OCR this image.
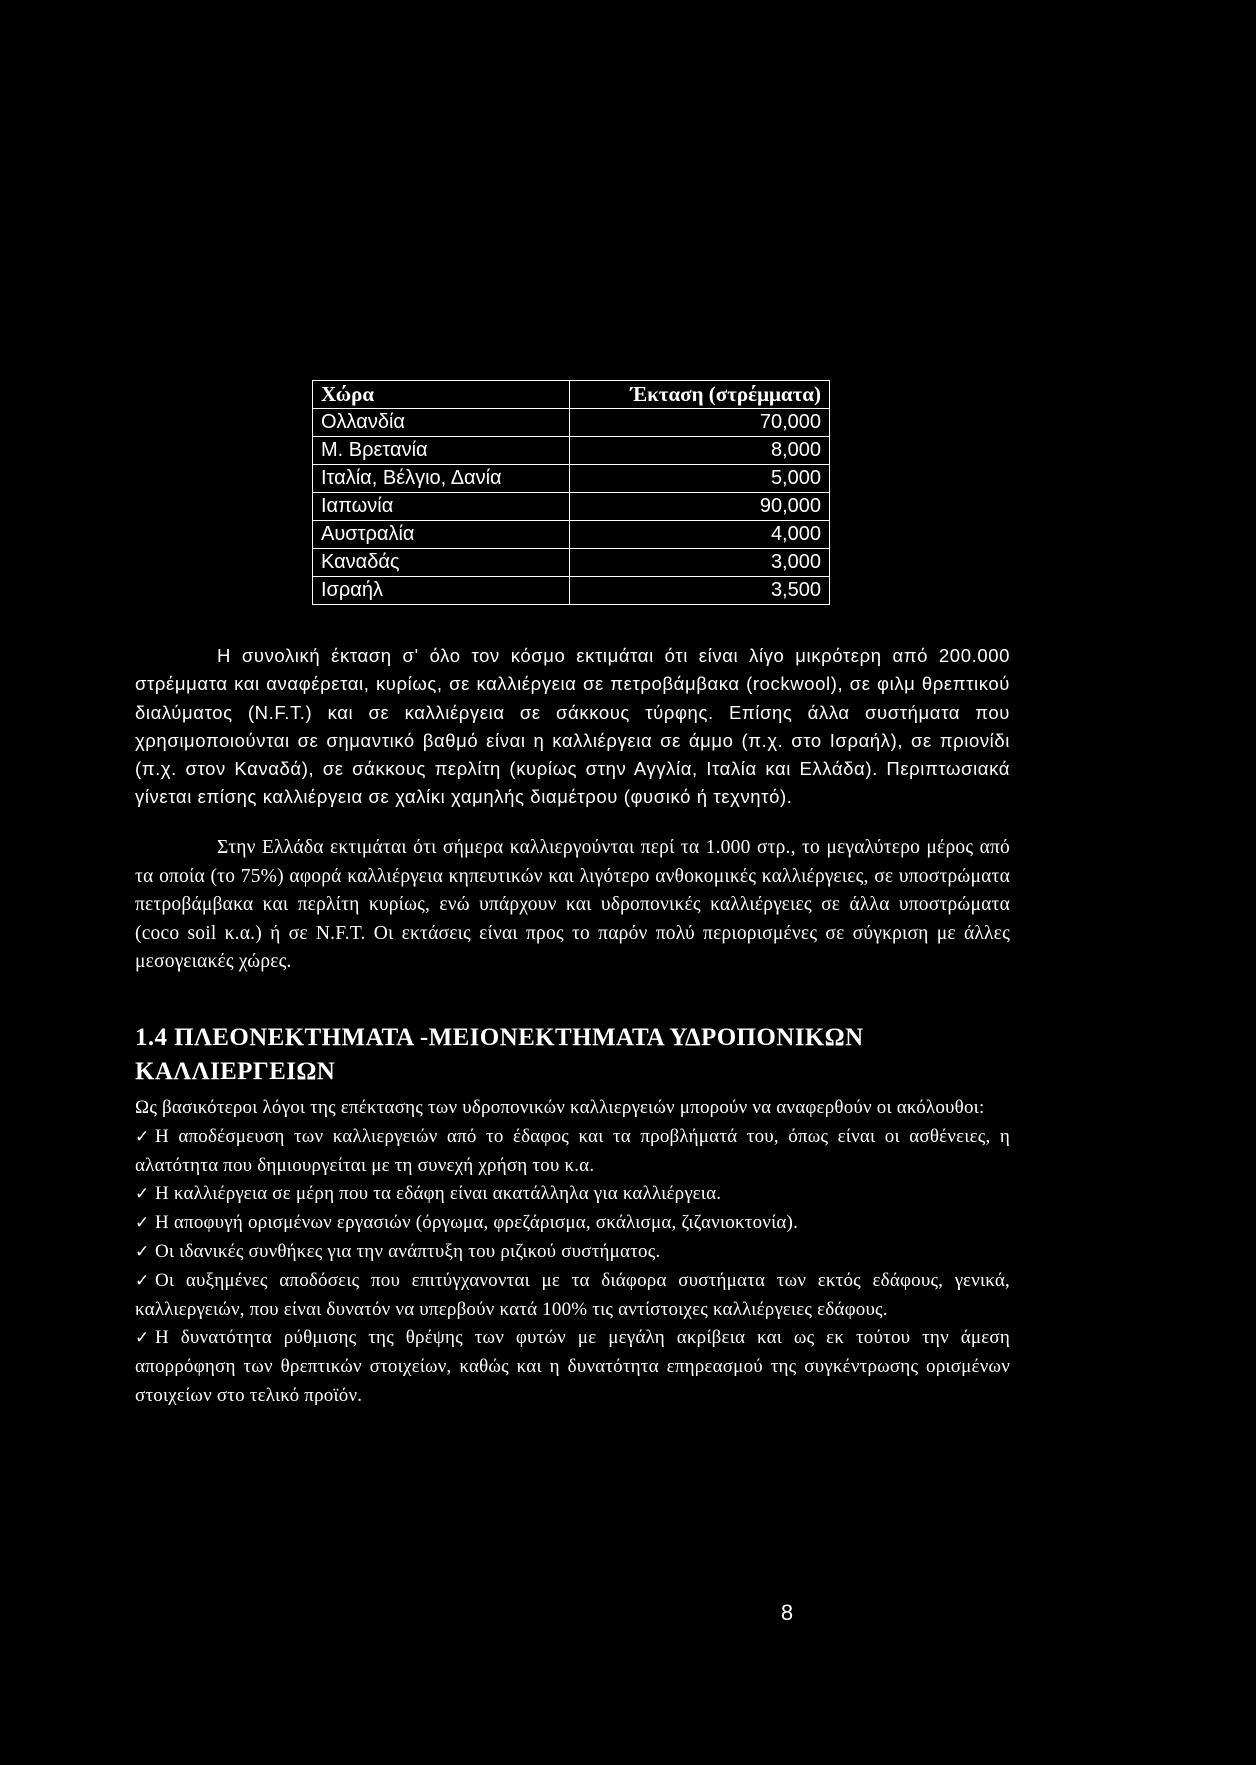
Χώρα	Έκταση (στρέμματα)
Ολλανδία	70,000
Μ. Βρετανία	8,000
Ιταλία, Βέλγιο, Δανία	5,000
Ιαπωνία	90,000
Αυστραλία	4,000
Καναδάς	3,000
Ισραήλ	3,500

Η συνολική έκταση σ' όλο τον κόσμο εκτιμάται ότι είναι λίγο μικρότερη από 200.000 στρέμματα και αναφέρεται, κυρίως, σε καλλιέργεια σε πετροβάμβακα (rockwool), σε φιλμ θρεπτικού διαλύματος (N.F.T.) και σε καλλιέργεια σε σάκκους τύρφης. Επίσης άλλα συστήματα που χρησιμοποιούνται σε σημαντικό βαθμό είναι η καλλιέργεια σε άμμο (π.χ. στο Ισραήλ), σε πριονίδι (π.χ. στον Καναδά), σε σάκκους περλίτη (κυρίως στην Αγγλία, Ιταλία και Ελλάδα). Περιπτωσιακά γίνεται επίσης καλλιέργεια σε χαλίκι χαμηλής διαμέτρου (φυσικό ή τεχνητό).

Στην Ελλάδα εκτιμάται ότι σήμερα καλλιεργούνται περί τα 1.000 στρ., το μεγαλύτερο μέρος από τα οποία (το 75%) αφορά καλλιέργεια κηπευτικών και λιγότερο ανθοκομικές καλλιέργειες, σε υποστρώματα πετροβάμβακα και περλίτη κυρίως, ενώ υπάρχουν και υδροπονικές καλλιέργειες σε άλλα υποστρώματα (coco soil κ.α.) ή σε N.F.T. Οι εκτάσεις είναι προς το παρόν πολύ περιορισμένες σε σύγκριση με άλλες μεσογειακές χώρες.

1.4 ΠΛΕΟΝΕΚΤΗΜΑΤΑ -ΜΕΙΟΝΕΚΤΗΜΑΤΑ ΥΔΡΟΠΟΝΙΚΩΝ ΚΑΛΛΙΕΡΓΕΙΩΝ

Ως βασικότεροι λόγοι της επέκτασης των υδροπονικών καλλιεργειών μπορούν να αναφερθούν οι ακόλουθοι:

✓ Η αποδέσμευση των καλλιεργειών από το έδαφος και τα προβλήματά του, όπως είναι οι ασθένειες, η αλατότητα που δημιουργείται με τη συνεχή χρήση του κ.α.

✓ Η καλλιέργεια σε μέρη που τα εδάφη είναι ακατάλληλα για καλλιέργεια.

✓ Η αποφυγή ορισμένων εργασιών (όργωμα, φρεζάρισμα, σκάλισμα, ζιζανιοκτονία).

✓ Οι ιδανικές συνθήκες για την ανάπτυξη του ριζικού συστήματος.

✓ Οι αυξημένες αποδόσεις που επιτύγχανονται με τα διάφορα συστήματα των εκτός εδάφους, γενικά, καλλιεργειών, που είναι δυνατόν να υπερβούν κατά 100% τις αντίστοιχες καλλιέργειες εδάφους.

✓ Η δυνατότητα ρύθμισης της θρέψης των φυτών με μεγάλη ακρίβεια και ως εκ τούτου την άμεση απορρόφηση των θρεπτικών στοιχείων, καθώς και η δυνατότητα επηρεασμού της συγκέντρωσης ορισμένων στοιχείων στο τελικό προϊόν.

8
